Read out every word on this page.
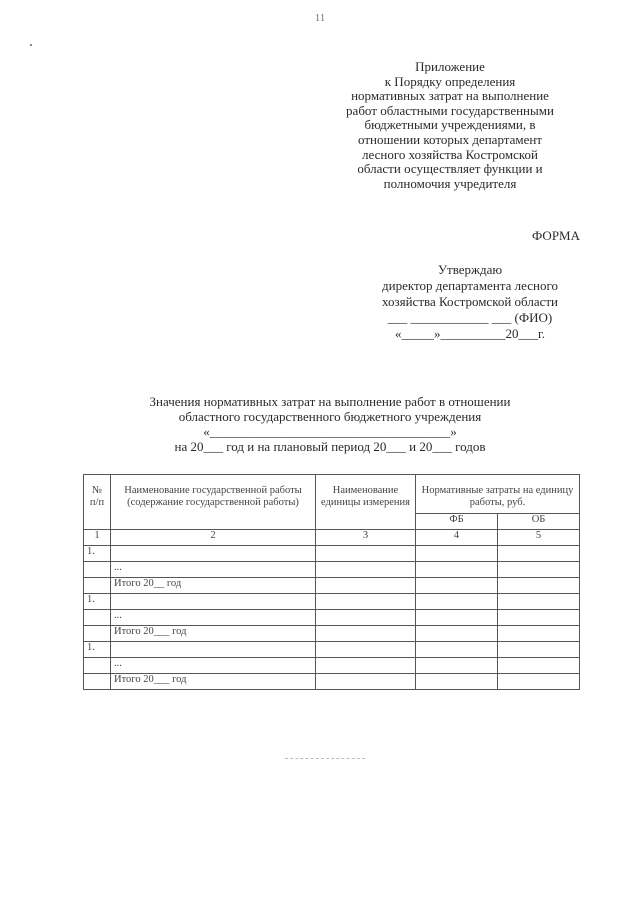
11
Приложение
к Порядку определения
нормативных затрат на выполнение
работ областными государственными
бюджетными учреждениями, в
отношении которых департамент
лесного хозяйства Костромской
области осуществляет функции и
полномочия учредителя
ФОРМА
Утверждаю
директор департамента лесного
хозяйства Костромской области
___ ____________ ___ (ФИО)
«_____»__________20___г.
Значения нормативных затрат на выполнение работ в отношении
областного государственного бюджетного учреждения
«_____________________________________»
на 20___ год и на плановый период 20___ и 20___ годов
№ п/п	Наименование государственной работы (содержание государственной работы)	Наименование единицы измерения	Нормативные затраты на единицу работы, руб.	
			ФБ	ОБ
1	2	3	4	5
1.				
	...			
	Итого 20__ год			
1.				
	...			
	Итого 20___ год			
1.				
	...			
	Итого 20___ год			
